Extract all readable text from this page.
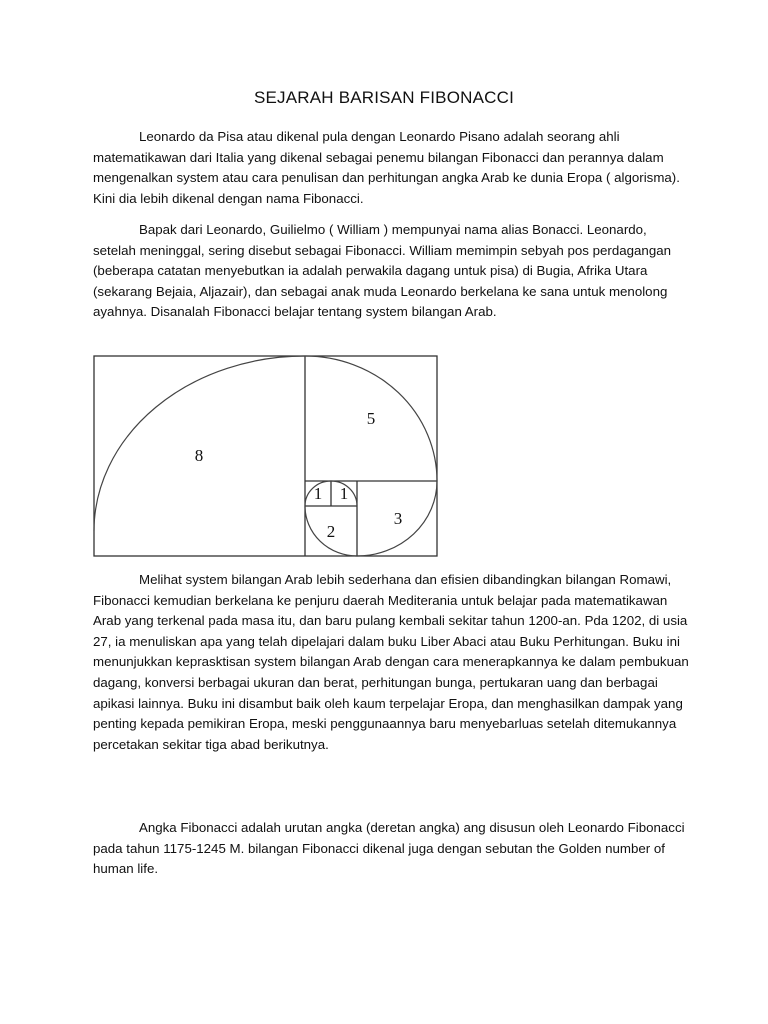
SEJARAH BARISAN FIBONACCI

Leonardo da Pisa atau dikenal pula dengan Leonardo Pisano adalah seorang ahli matematikawan dari Italia yang dikenal sebagai penemu bilangan Fibonacci dan perannya dalam mengenalkan system atau cara penulisan dan perhitungan angka Arab ke dunia Eropa ( algorisma). Kini dia lebih dikenal dengan nama Fibonacci.

Bapak dari Leonardo, Guilielmo ( William ) mempunyai nama alias Bonacci. Leonardo, setelah meninggal, sering disebut sebagai Fibonacci. William memimpin sebyah pos perdagangan (beberapa catatan menyebutkan ia adalah perwakila dagang untuk pisa) di Bugia, Afrika Utara (sekarang Bejaia, Aljazair), dan sebagai anak muda Leonardo berkelana ke sana untuk menolong ayahnya. Disanalah Fibonacci belajar tentang system bilangan Arab.

8
5
3
2
1 1

Melihat system bilangan Arab lebih sederhana dan efisien dibandingkan bilangan Romawi, Fibonacci kemudian berkelana ke penjuru daerah Mediterania untuk belajar pada matematikawan Arab yang terkenal pada masa itu, dan baru pulang kembali sekitar tahun 1200-an. Pda 1202, di usia 27, ia menuliskan apa yang telah dipelajari dalam buku Liber Abaci atau Buku Perhitungan. Buku ini menunjukkan keprasktisan system bilangan Arab dengan cara menerapkannya ke dalam pembukuan dagang, konversi berbagai ukuran dan berat, perhitungan bunga, pertukaran uang dan berbagai apikasi lainnya. Buku ini disambut baik oleh kaum terpelajar Eropa, dan menghasilkan dampak yang penting kepada pemikiran Eropa, meski penggunaannya baru menyebarluas setelah ditemukannya percetakan sekitar tiga abad berikutnya.

Angka Fibonacci adalah urutan angka (deretan angka) ang disusun oleh Leonardo Fibonacci pada tahun 1175-1245 M. bilangan Fibonacci dikenal juga dengan sebutan the Golden number of human life.
